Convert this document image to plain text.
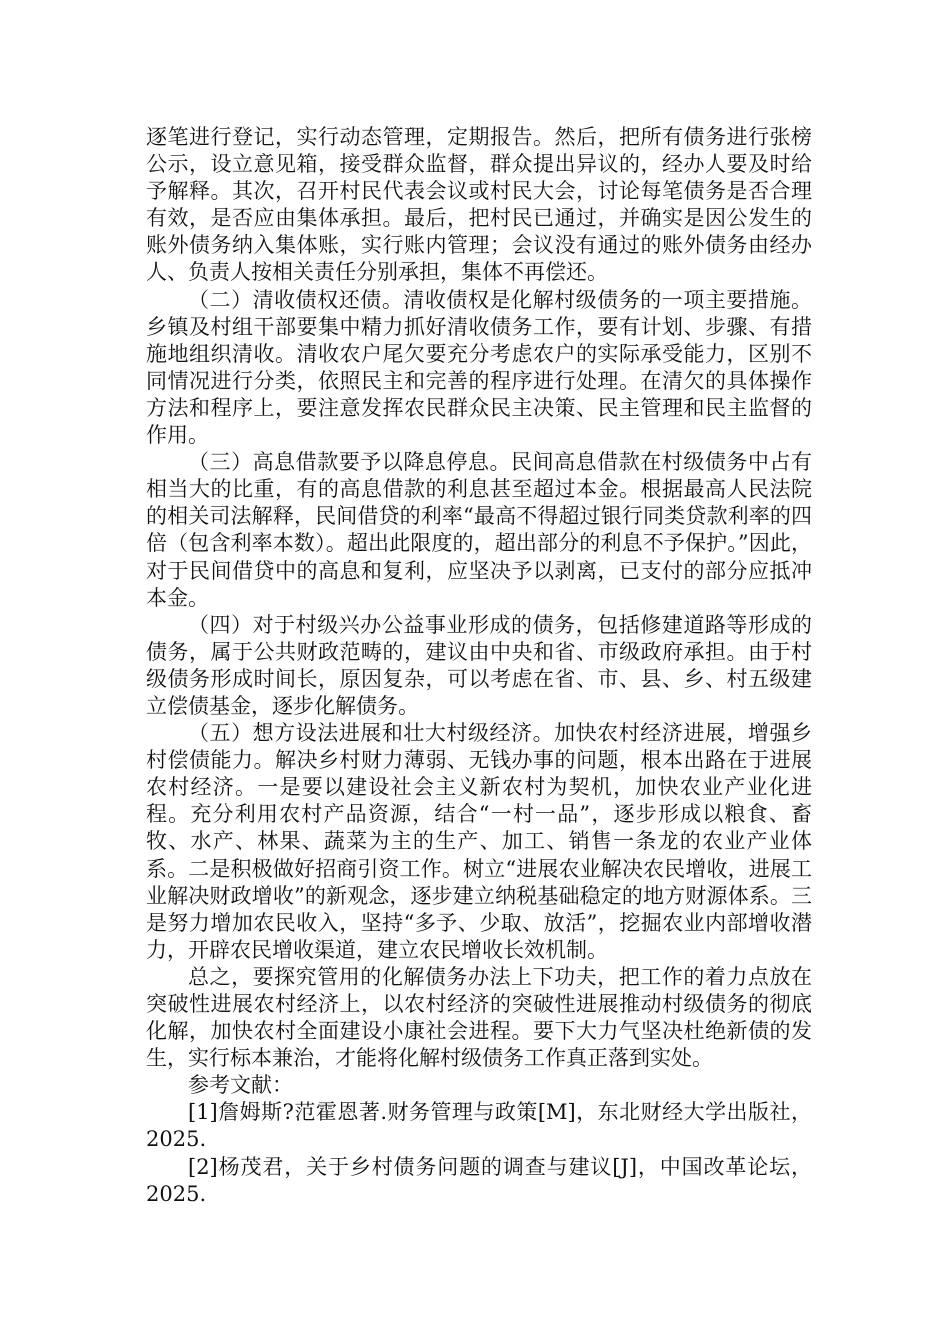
逐笔进行登记，实行动态管理，定期报告。然后，把所有债务进行张榜公示，设立意见箱，接受群众监督，群众提出异议的，经办人要及时给予解释。其次，召开村民代表会议或村民大会，讨论每笔债务是否合理有效，是否应由集体承担。最后，把村民已通过，并确实是因公发生的账外债务纳入集体账，实行账内管理；会议没有通过的账外债务由经办人、负责人按相关责任分别承担，集体不再偿还。

（二）清收债权还债。清收债权是化解村级债务的一项主要措施。乡镇及村组干部要集中精力抓好清收债务工作，要有计划、步骤、有措施地组织清收。清收农户尾欠要充分考虑农户的实际承受能力，区别不同情况进行分类，依照民主和完善的程序进行处理。在清欠的具体操作方法和程序上，要注意发挥农民群众民主决策、民主管理和民主监督的作用。

（三）高息借款要予以降息停息。民间高息借款在村级债务中占有相当大的比重，有的高息借款的利息甚至超过本金。根据最高人民法院的相关司法解释，民间借贷的利率“最高不得超过银行同类贷款利率的四倍（包含利率本数）。超出此限度的，超出部分的利息不予保护。”因此，对于民间借贷中的高息和复利，应坚决予以剥离，已支付的部分应抵冲本金。

（四）对于村级兴办公益事业形成的债务，包括修建道路等形成的债务，属于公共财政范畴的，建议由中央和省、市级政府承担。由于村级债务形成时间长，原因复杂，可以考虑在省、市、县、乡、村五级建立偿债基金，逐步化解债务。

（五）想方设法进展和壮大村级经济。加快农村经济进展，增强乡村偿债能力。解决乡村财力薄弱、无钱办事的问题，根本出路在于进展农村经济。一是要以建设社会主义新农村为契机，加快农业产业化进程。充分利用农村产品资源，结合“一村一品”，逐步形成以粮食、畜牧、水产、林果、蔬菜为主的生产、加工、销售一条龙的农业产业体系。二是积极做好招商引资工作。树立“进展农业解决农民增收，进展工业解决财政增收”的新观念，逐步建立纳税基础稳定的地方财源体系。三是努力增加农民收入，坚持“多予、少取、放活”，挖掘农业内部增收潜力，开辟农民增收渠道，建立农民增收长效机制。

总之，要探究管用的化解债务办法上下功夫，把工作的着力点放在突破性进展农村经济上，以农村经济的突破性进展推动村级债务的彻底化解，加快农村全面建设小康社会进程。要下大力气坚决杜绝新债的发生，实行标本兼治，才能将化解村级债务工作真正落到实处。

参考文献：

[1]詹姆斯?范霍恩著.财务管理与政策[M]，东北财经大学出版社，2025.

[2]杨茂君，关于乡村债务问题的调查与建议[J]，中国改革论坛，2025.
